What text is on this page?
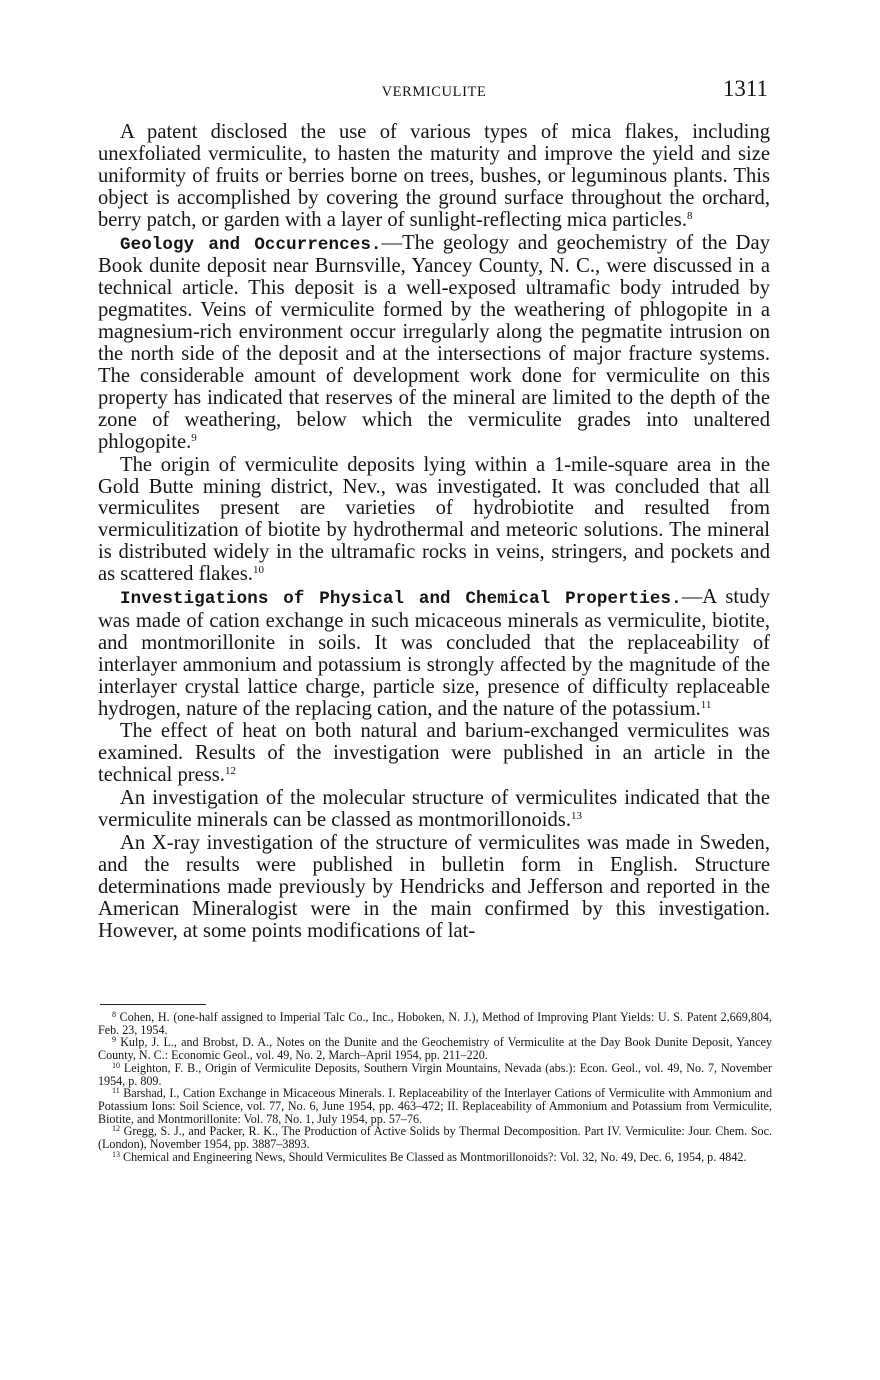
VERMICULITE	1311

A patent disclosed the use of various types of mica flakes, including unexfoliated vermiculite, to hasten the maturity and improve the yield and size uniformity of fruits or berries borne on trees, bushes, or leguminous plants. This object is accomplished by covering the ground surface throughout the orchard, berry patch, or garden with a layer of sunlight-reflecting mica particles.$^8$

Geology and Occurrences.—The geology and geochemistry of the Day Book dunite deposit near Burnsville, Yancey County, N. C., were discussed in a technical article. This deposit is a well-exposed ultramafic body intruded by pegmatites. Veins of vermiculite formed by the weathering of phlogopite in a magnesium-rich environment occur irregularly along the pegmatite intrusion on the north side of the deposit and at the intersections of major fracture systems. The considerable amount of development work done for vermiculite on this property has indicated that reserves of the mineral are limited to the depth of the zone of weathering, below which the vermiculite grades into unaltered phlogopite.$^9$

The origin of vermiculite deposits lying within a 1-mile-square area in the Gold Butte mining district, Nev., was investigated. It was concluded that all vermiculites present are varieties of hydrobiotite and resulted from vermiculitization of biotite by hydrothermal and meteoric solutions. The mineral is distributed widely in the ultramafic rocks in veins, stringers, and pockets and as scattered flakes.$^{10}$

Investigations of Physical and Chemical Properties.—A study was made of cation exchange in such micaceous minerals as vermiculite, biotite, and montmorillonite in soils. It was concluded that the replaceability of interlayer ammonium and potassium is strongly affected by the magnitude of the interlayer crystal lattice charge, particle size, presence of difficulty replaceable hydrogen, nature of the replacing cation, and the nature of the potassium.$^{11}$

The effect of heat on both natural and barium-exchanged vermiculites was examined. Results of the investigation were published in an article in the technical press.$^{12}$

An investigation of the molecular structure of vermiculites indicated that the vermiculite minerals can be classed as montmorillonoids.$^{13}$

An X-ray investigation of the structure of vermiculites was made in Sweden, and the results were published in bulletin form in English. Structure determinations made previously by Hendricks and Jefferson and reported in the American Mineralogist were in the main confirmed by this investigation. However, at some points modifications of lat-

$^8$ Cohen, H. (one-half assigned to Imperial Talc Co., Inc., Hoboken, N. J.), Method of Improving Plant Yields: U. S. Patent 2,669,804, Feb. 23, 1954.

$^9$ Kulp, J. L., and Brobst, D. A., Notes on the Dunite and the Geochemistry of Vermiculite at the Day Book Dunite Deposit, Yancey County, N. C.: Economic Geol., vol. 49, No. 2, March–April 1954, pp. 211–220.

$^{10}$ Leighton, F. B., Origin of Vermiculite Deposits, Southern Virgin Mountains, Nevada (abs.): Econ. Geol., vol. 49, No. 7, November 1954, p. 809.

$^{11}$ Barshad, I., Cation Exchange in Micaceous Minerals. I. Replaceability of the Interlayer Cations of Vermiculite with Ammonium and Potassium Ions: Soil Science, vol. 77, No. 6, June 1954, pp. 463–472; II. Replaceability of Ammonium and Potassium from Vermiculite, Biotite, and Montmorillonite: Vol. 78, No. 1, July 1954, pp. 57–76.

$^{12}$ Gregg, S. J., and Packer, R. K., The Production of Active Solids by Thermal Decomposition. Part IV. Vermiculite: Jour. Chem. Soc. (London), November 1954, pp. 3887–3893.

$^{13}$ Chemical and Engineering News, Should Vermiculites Be Classed as Montmorillonoids?: Vol. 32, No. 49, Dec. 6, 1954, p. 4842.
